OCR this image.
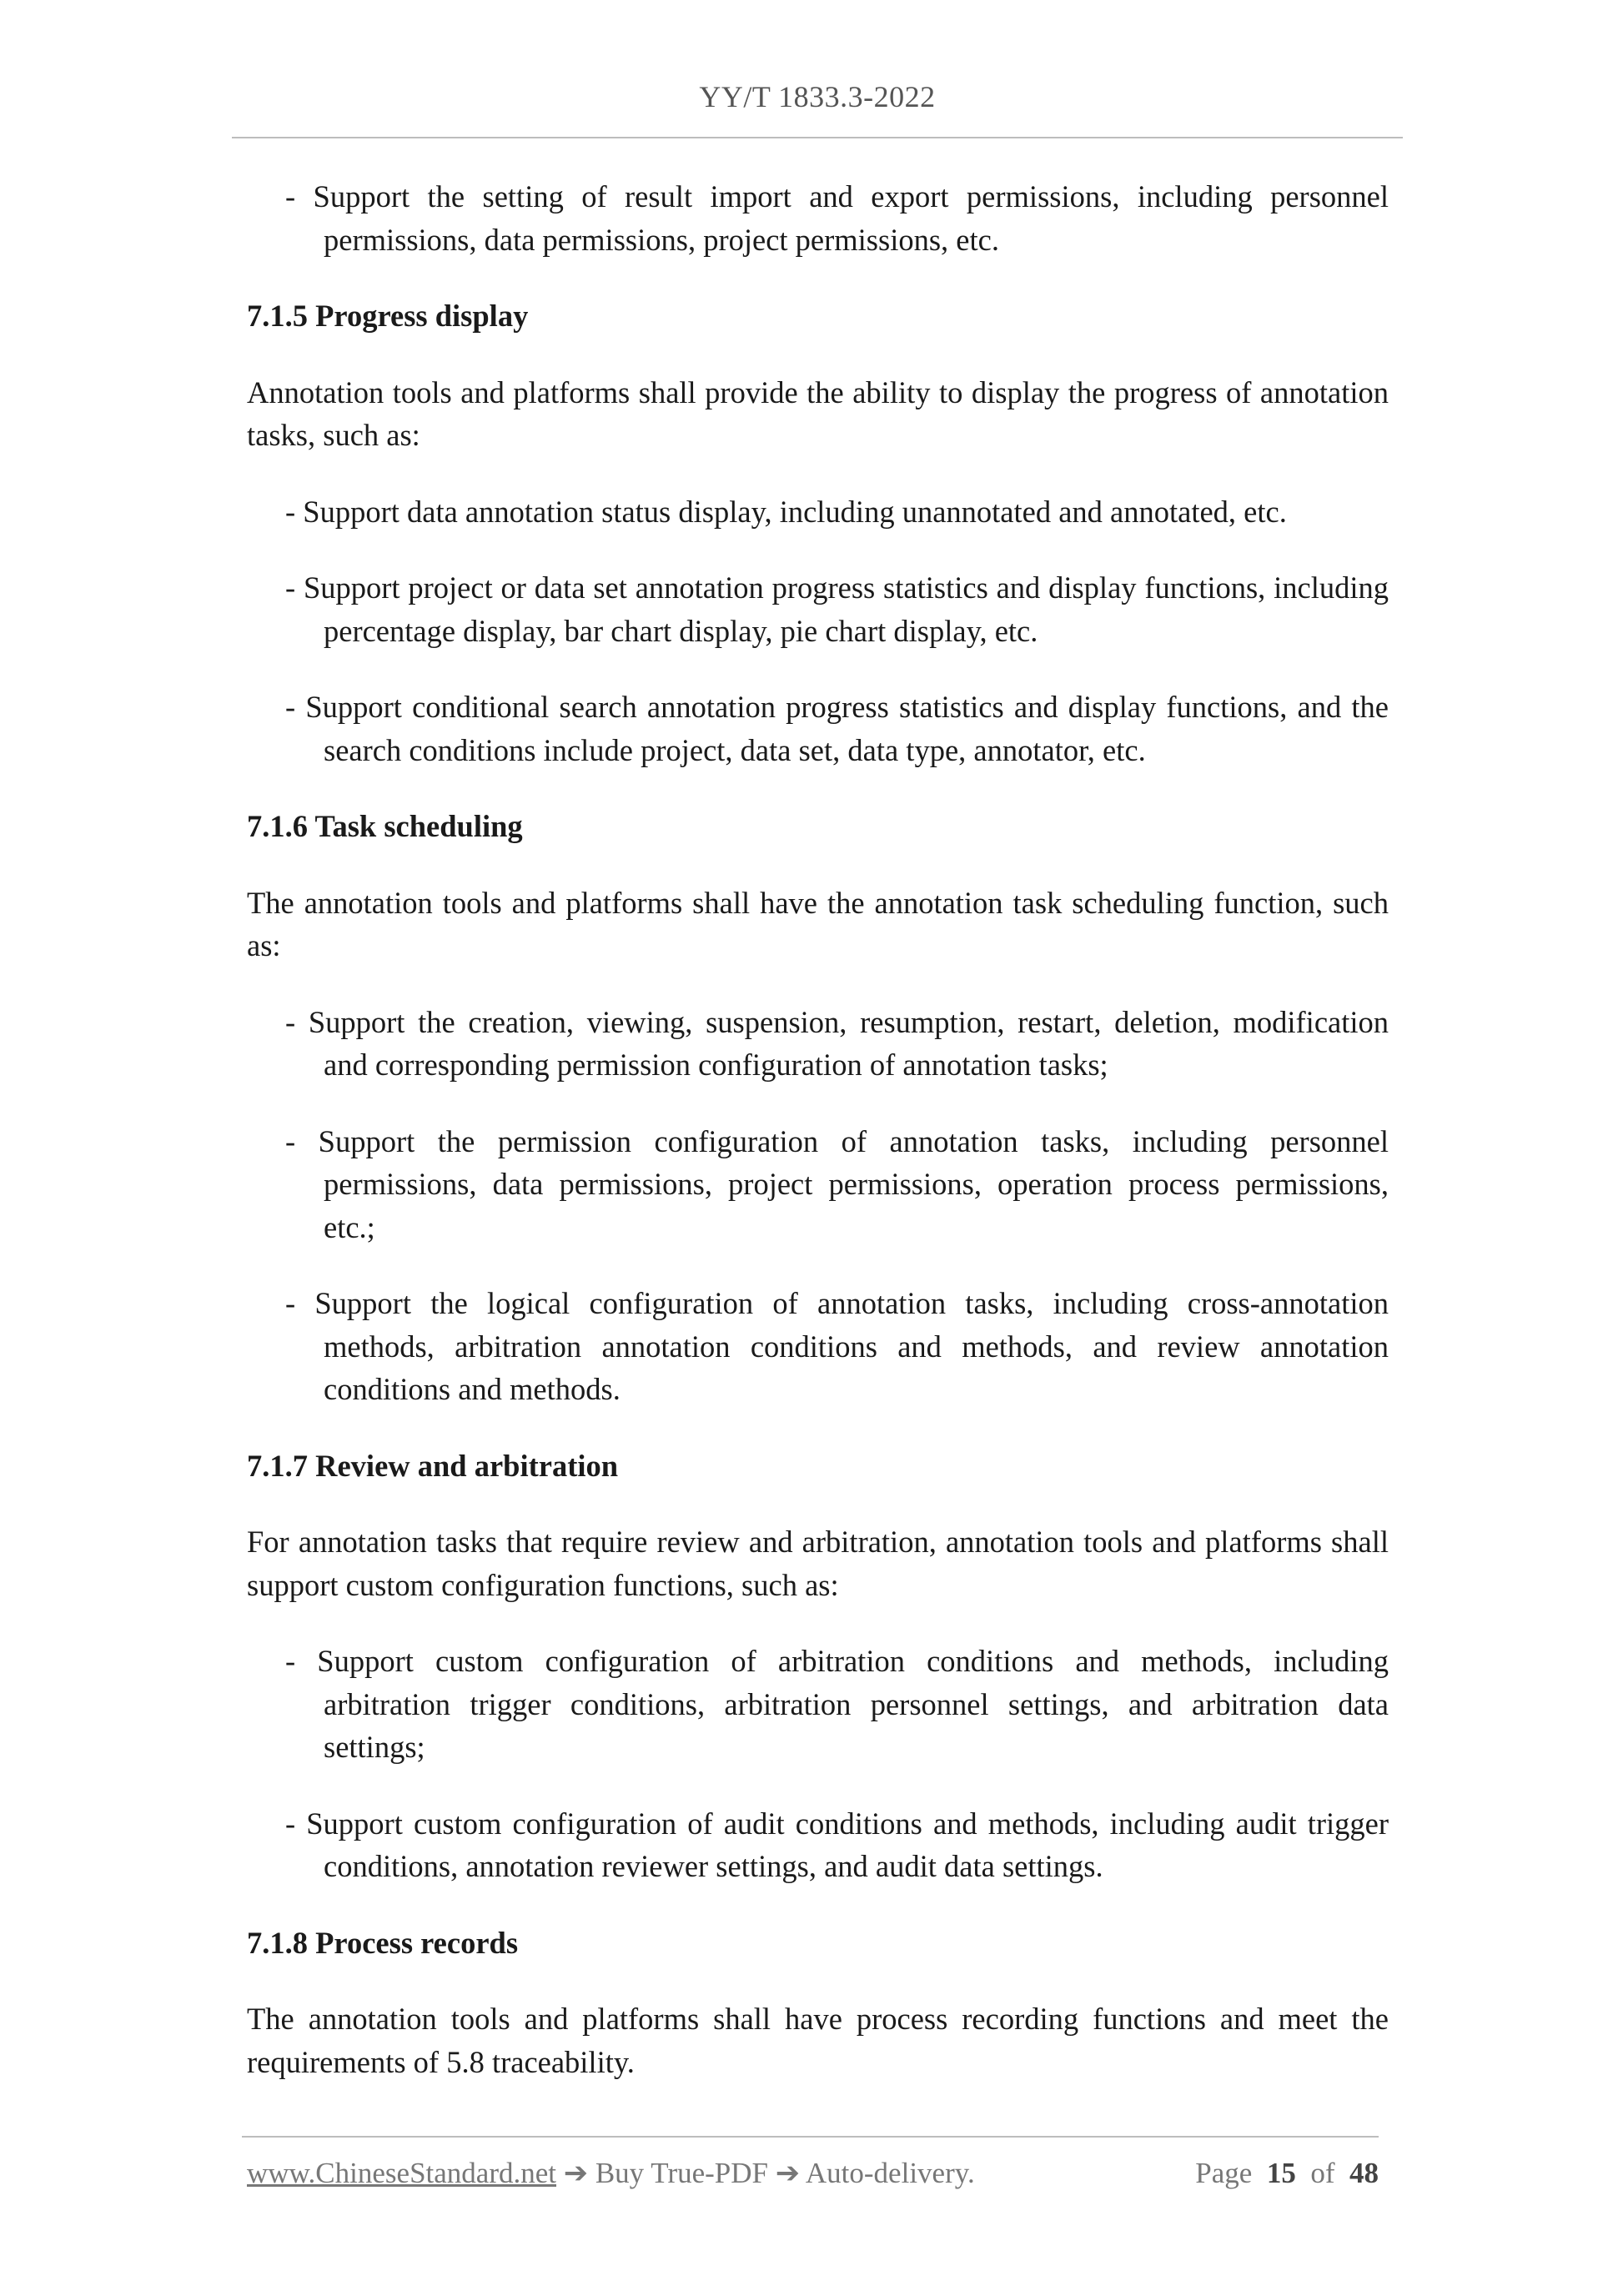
YY/T 1833.3-2022

- Support the setting of result import and export permissions, including personnel permissions, data permissions, project permissions, etc.

7.1.5 Progress display

Annotation tools and platforms shall provide the ability to display the progress of annotation tasks, such as:

- Support data annotation status display, including unannotated and annotated, etc.

- Support project or data set annotation progress statistics and display functions, including percentage display, bar chart display, pie chart display, etc.

- Support conditional search annotation progress statistics and display functions, and the search conditions include project, data set, data type, annotator, etc.

7.1.6 Task scheduling

The annotation tools and platforms shall have the annotation task scheduling function, such as:

- Support the creation, viewing, suspension, resumption, restart, deletion, modification and corresponding permission configuration of annotation tasks;

- Support the permission configuration of annotation tasks, including personnel permissions, data permissions, project permissions, operation process permissions, etc.;

- Support the logical configuration of annotation tasks, including cross-annotation methods, arbitration annotation conditions and methods, and review annotation conditions and methods.

7.1.7 Review and arbitration

For annotation tasks that require review and arbitration, annotation tools and platforms shall support custom configuration functions, such as:

- Support custom configuration of arbitration conditions and methods, including arbitration trigger conditions, arbitration personnel settings, and arbitration data settings;

- Support custom configuration of audit conditions and methods, including audit trigger conditions, annotation reviewer settings, and audit data settings.

7.1.8 Process records

The annotation tools and platforms shall have process recording functions and meet the requirements of 5.8 traceability.

www.ChineseStandard.net ➔ Buy True-PDF ➔ Auto-delivery.	Page 15 of 48
